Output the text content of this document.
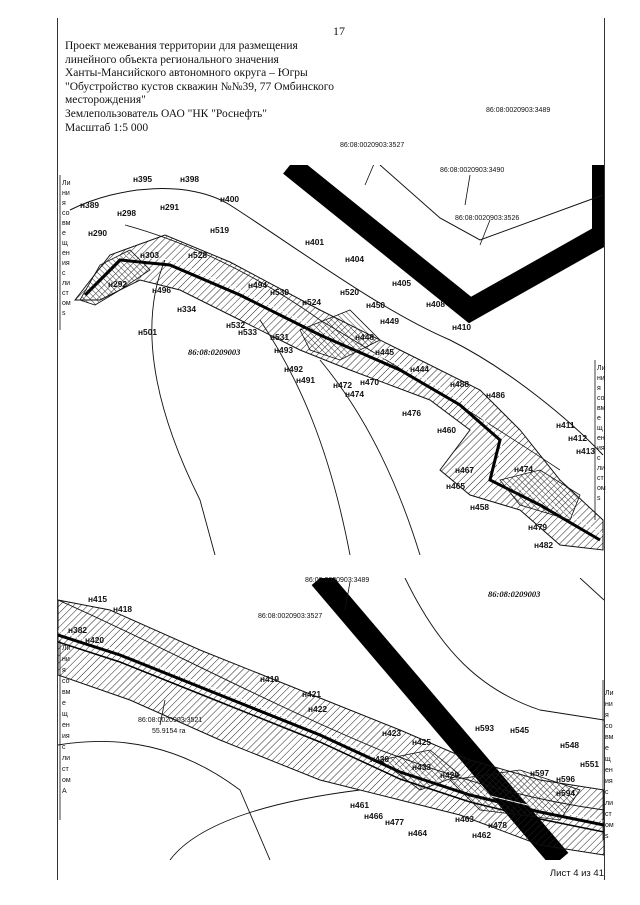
17
Проект межевания территории для размещения
линейного объекта регионального значения
Ханты-Мансийского автономного округа – Югры
"Обустройство кустов скважин №№39, 77 Омбинского
месторождения"
Землепользователь ОАО "НК "Роснефть"
Масштаб 1:5 000
Ли
ни
я
со
вм
е
щ
ен
ия
с
ли
ст
ом
s
Ли
ни
я
со
вм
е
щ
ен
ия
с
ли
ст
ом
s
86:08:0020903:3489
86:08:0020903:3527
86:08:0020903:3490
86:08:0020903:3526
86:08:0209003
н395	н398
н400
н389
н298
н291
н519
н290
н303
н292
н528
н401
н404
н520
н405
н450	н408
н410
н501
н334
н496	н494
н530
н524
н532
н531
н533	н448
н449
н445
н493
н492
н491 н472 н470
н474
н444
н488
н486
н476
н460	н411
н412
н413
н467	н474
н465
н458
н479
н482
Ли
ни
я
со
вм
е
щ
ен
ия
с
ли
ст
ом
А
Ли
ни
я
со
вм
е
щ
ен
ия
с
ли
ст
ом
s
86:08:0020903:3489
86:08:0020903:3527
86:08:0020903:3521
55.9154 га
86:08:0209003
н415
н418
н382
н420
н419
н421
н422
н423
н425
н593 н545
н548
н551
н430
н433
н429
н461
н466
н477
н464
н463
н462
н478
н597
н596
н594
Лист 4 из 41
